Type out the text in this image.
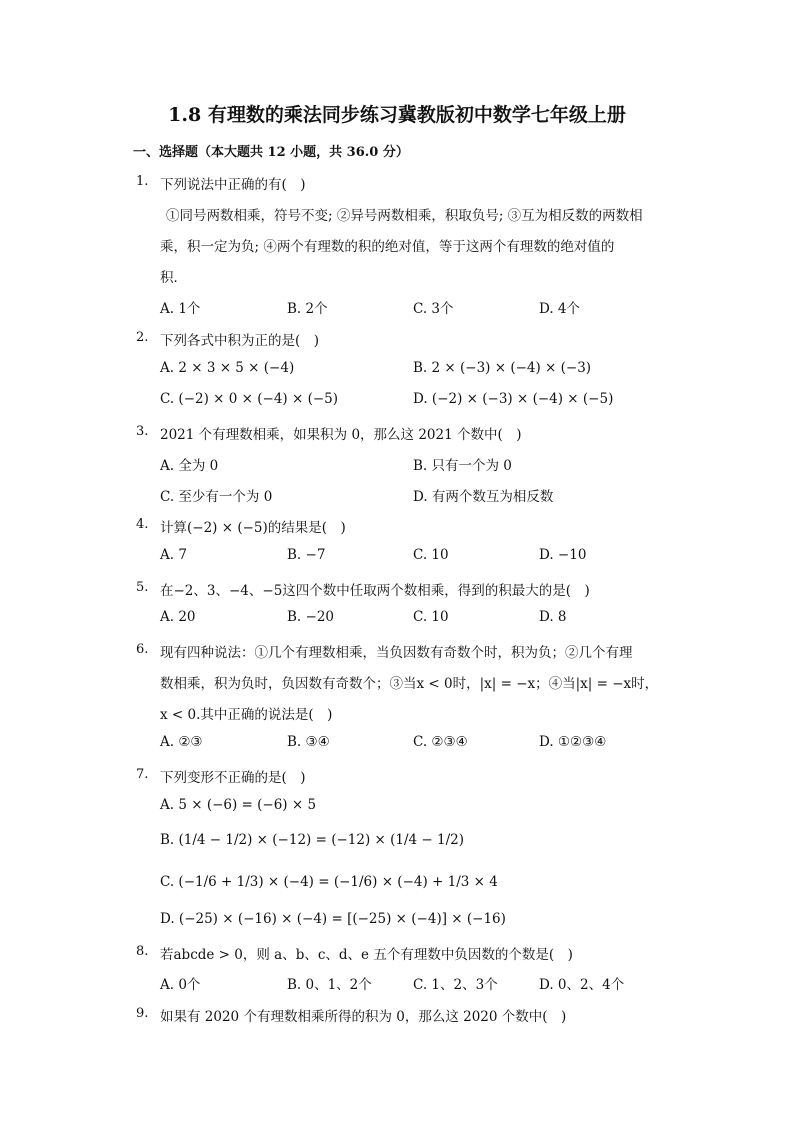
1.8 有理数的乘法同步练习冀教版初中数学七年级上册
一、选择题（本大题共 12 小题，共 36.0 分）
1. 下列说法中正确的有(　)
①同号两数相乘，符号不变; ②异号两数相乘，积取负号; ③互为相反数的两数相
乘，积一定为负; ④两个有理数的积的绝对值，等于这两个有理数的绝对值的
积．
A. 1个	B. 2个	C. 3个	D. 4个
2. 下列各式中积为正的是(　)
A. 2 × 3 × 5 × (−4)	B. 2 × (−3) × (−4) × (−3)
C. (−2) × 0 × (−4) × (−5)	D. (−2) × (−3) × (−4) × (−5)
3. 2021 个有理数相乘，如果积为 0，那么这 2021 个数中(　)
A. 全为 0	B. 只有一个为 0
C. 至少有一个为 0	D. 有两个数互为相反数
4. 计算(−2) × (−5)的结果是(　)
A. 7	B. −7	C. 10	D. −10
5. 在−2、3、−4、−5这四个数中任取两个数相乘，得到的积最大的是(　)
A. 20	B. −20	C. 10	D. 8
6. 现有四种说法：①几个有理数相乘，当负因数有奇数个时，积为负；②几个有理
数相乘，积为负时，负因数有奇数个；③当x < 0时，|x| = −x；④当|x| = −x时，
x < 0.其中正确的说法是(　)
A. ②③	B. ③④	C. ②③④	D. ①②③④
7. 下列变形不正确的是(　)
A. 5 × (−6) = (−6) × 5
B. (1/4 − 1/2) × (−12) = (−12) × (1/4 − 1/2)
C. (−1/6 + 1/3) × (−4) = (−1/6) × (−4) + 1/3 × 4
D. (−25) × (−16) × (−4) = [(−25) × (−4)] × (−16)
8. 若abcde > 0，则 a、b、c、d、e 五个有理数中负因数的个数是(　)
A. 0个	B. 0、1、2个	C. 1、2、3个	D. 0、2、4个
9. 如果有 2020 个有理数相乘所得的积为 0，那么这 2020 个数中(　)
